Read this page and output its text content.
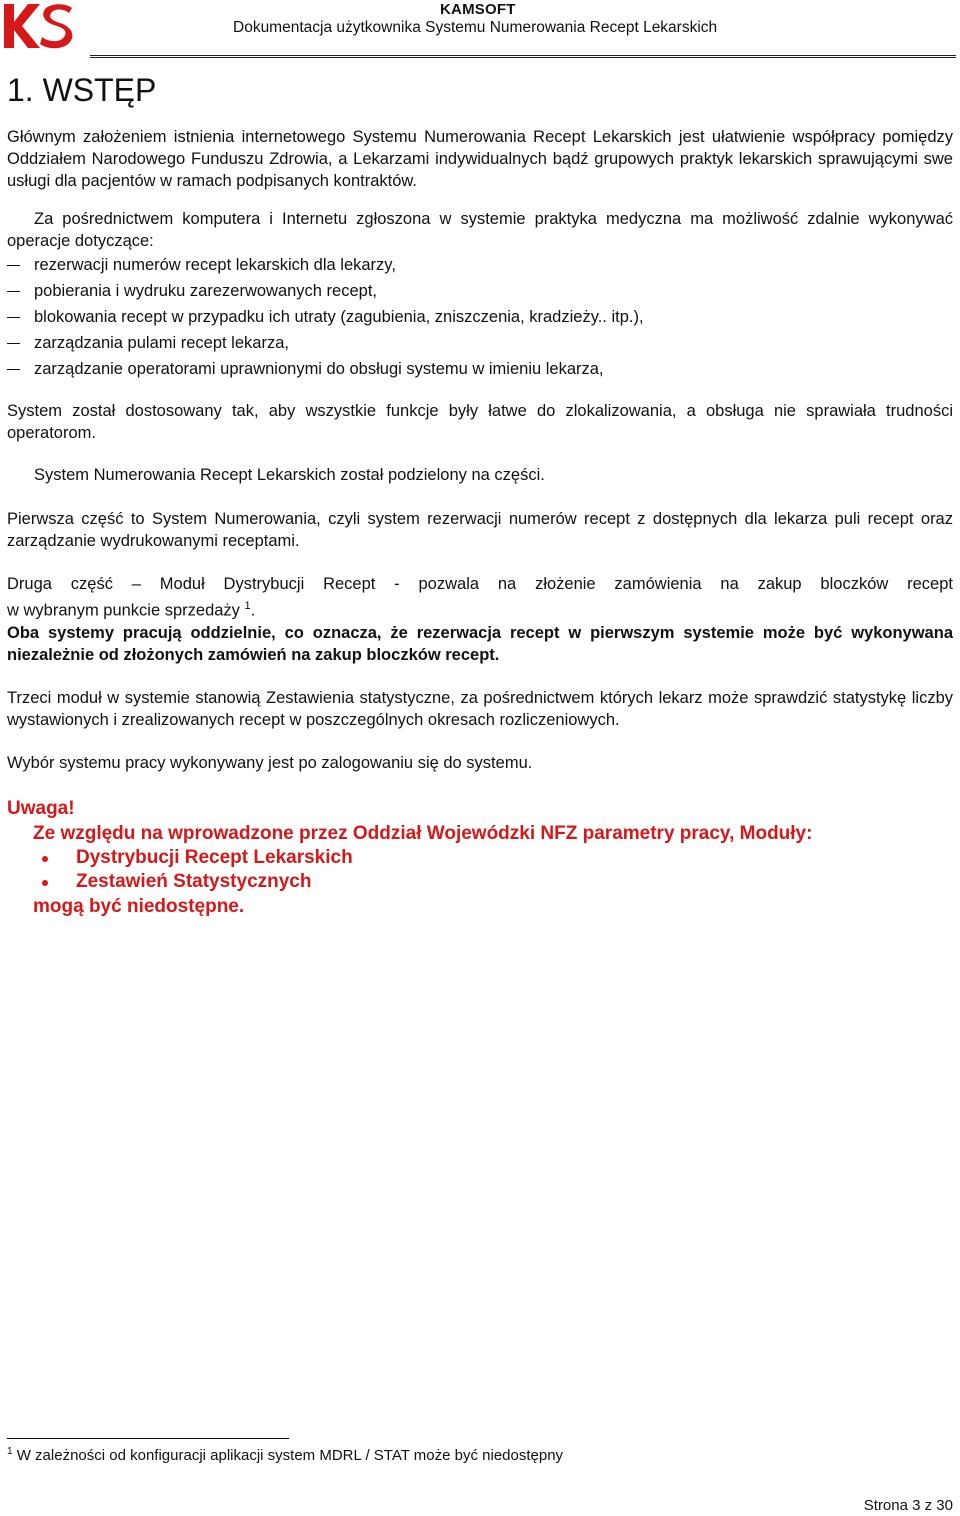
KAMSOFT
Dokumentacja użytkownika Systemu Numerowania Recept Lekarskich
1. WSTĘP

Głównym założeniem istnienia internetowego Systemu Numerowania Recept Lekarskich jest ułatwienie współpracy pomiędzy Oddziałem Narodowego Funduszu Zdrowia, a Lekarzami indywidualnych bądź grupowych praktyk lekarskich sprawującymi swe usługi dla pacjentów w ramach podpisanych kontraktów.

Za pośrednictwem komputera i Internetu zgłoszona w systemie praktyka medyczna ma możliwość zdalnie wykonywać operacje dotyczące:

rezerwacji numerów recept lekarskich dla lekarzy,
pobierania i wydruku zarezerwowanych recept,
blokowania recept w przypadku ich utraty (zagubienia, zniszczenia, kradzieży.. itp.),
zarządzania pulami recept lekarza,
zarządzanie operatorami uprawnionymi do obsługi systemu w imieniu lekarza,

System został dostosowany tak, aby wszystkie funkcje były łatwe do zlokalizowania, a obsługa nie sprawiała trudności operatorom.

System Numerowania Recept Lekarskich został podzielony na części.

Pierwsza część to System Numerowania, czyli system rezerwacji numerów recept z dostępnych dla lekarza puli recept oraz zarządzanie wydrukowanymi receptami.

Druga część – Moduł Dystrybucji Recept - pozwala na złożenie zamówienia na zakup bloczków recept

w wybranym punkcie sprzedaży $^1$.

Oba systemy pracują oddzielnie, co oznacza, że rezerwacja recept w pierwszym systemie może być wykonywana niezależnie od złożonych zamówień na zakup bloczków recept.

Trzeci moduł w systemie stanowią Zestawienia statystyczne, za pośrednictwem których lekarz może sprawdzić statystykę liczby wystawionych i zrealizowanych recept w poszczególnych okresach rozliczeniowych.

Wybór systemu pracy wykonywany jest po zalogowaniu się do systemu.

Uwaga!
Ze względu na wprowadzone przez Oddział Wojewódzki NFZ parametry pracy, Moduły:
Dystrybucji Recept Lekarskich
Zestawień Statystycznych
mogą być niedostępne.
$^1$ W zależności od konfiguracji aplikacji system MDRL / STAT może być niedostępny
Strona 3 z 30
